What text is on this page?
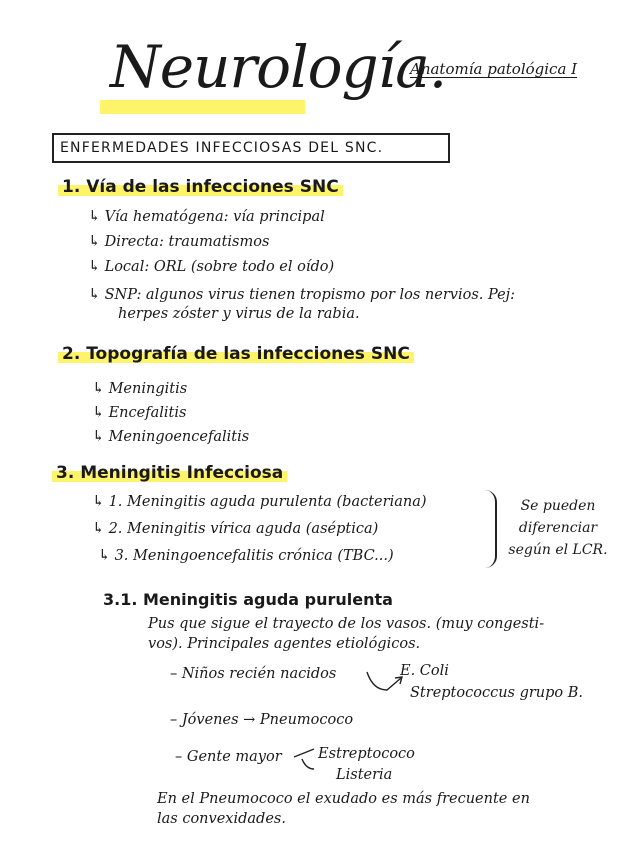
Neurología.
Anatomía patológica I
ENFERMEDADES INFECCIOSAS DEL SNC.
1. Vía de las infecciones SNC
↳ Vía hematógena: vía principal
↳ Directa: traumatismos
↳ Local: ORL (sobre todo el oído)
↳ SNP: algunos virus tienen tropismo por los nervios. Pej:
herpes zóster y virus de la rabia.
2. Topografía de las infecciones SNC
↳ Meningitis
↳ Encefalitis
↳ Meningoencefalitis
3. Meningitis Infecciosa
↳ 1. Meningitis aguda purulenta (bacteriana)
↳ 2. Meningitis vírica aguda (aséptica)
↳ 3. Meningoencefalitis crónica (TBC...)
Se pueden diferenciar según el LCR.
3.1. Meningitis aguda purulenta
Pus que sigue el trayecto de los vasos. (muy congesti-
vos). Principales agentes etiológicos.
– Niños recién nacidos	E. Coli
Streptococcus grupo B.
– Jóvenes → Pneumococo
– Gente mayor	Estreptococo
Listeria
En el Pneumococo el exudado es más frecuente en
las convexidades.
